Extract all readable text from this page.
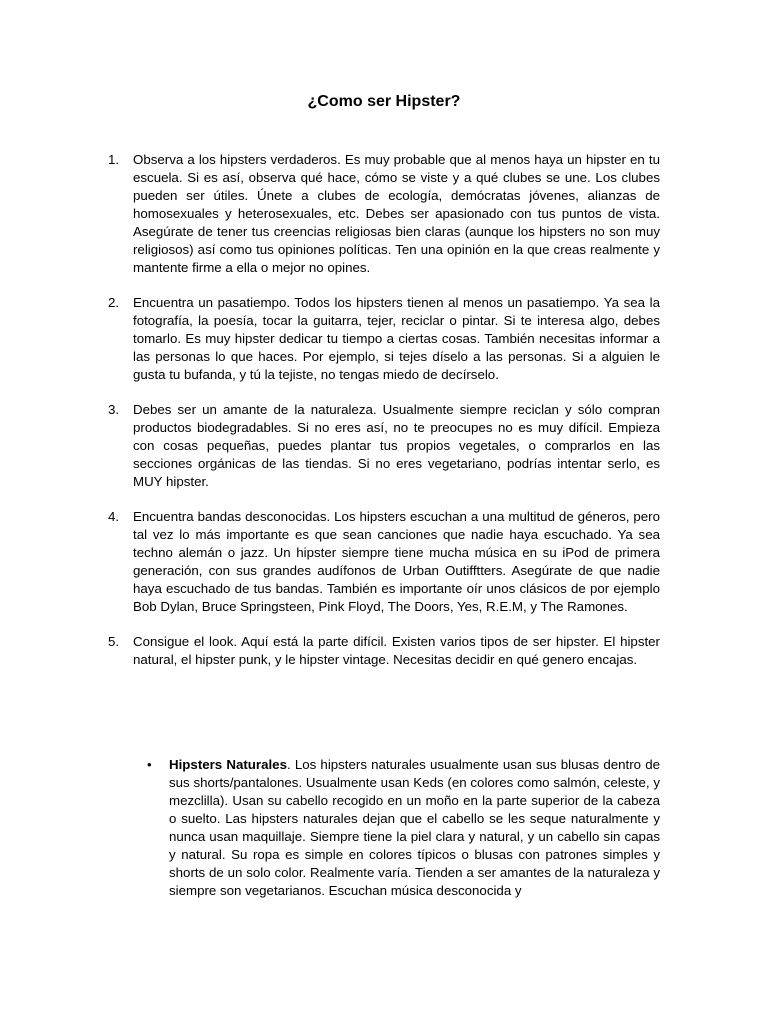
¿Como ser Hipster?
1. Observa a los hipsters verdaderos. Es muy probable que al menos haya un hipster en tu escuela. Si es así, observa qué hace, cómo se viste y a qué clubes se une. Los clubes pueden ser útiles. Únete a clubes de ecología, demócratas jóvenes, alianzas de homosexuales y heterosexuales, etc. Debes ser apasionado con tus puntos de vista. Asegúrate de tener tus creencias religiosas bien claras (aunque los hipsters no son muy religiosos) así como tus opiniones políticas. Ten una opinión en la que creas realmente y mantente firme a ella o mejor no opines.
2. Encuentra un pasatiempo. Todos los hipsters tienen al menos un pasatiempo. Ya sea la fotografía, la poesía, tocar la guitarra, tejer, reciclar o pintar. Si te interesa algo, debes tomarlo. Es muy hipster dedicar tu tiempo a ciertas cosas. También necesitas informar a las personas lo que haces. Por ejemplo, si tejes díselo a las personas. Si a alguien le gusta tu bufanda, y tú la tejiste, no tengas miedo de decírselo.
3. Debes ser un amante de la naturaleza. Usualmente siempre reciclan y sólo compran productos biodegradables. Si no eres así, no te preocupes no es muy difícil. Empieza con cosas pequeñas, puedes plantar tus propios vegetales, o comprarlos en las secciones orgánicas de las tiendas. Si no eres vegetariano, podrías intentar serlo, es MUY hipster.
4. Encuentra bandas desconocidas. Los hipsters escuchan a una multitud de géneros, pero tal vez lo más importante es que sean canciones que nadie haya escuchado. Ya sea techno alemán o jazz. Un hipster siempre tiene mucha música en su iPod de primera generación, con sus grandes audífonos de Urban Outifftters. Asegúrate de que nadie haya escuchado de tus bandas. También es importante oír unos clásicos de por ejemplo Bob Dylan, Bruce Springsteen, Pink Floyd, The Doors, Yes, R.E.M, y The Ramones.
5. Consigue el look. Aquí está la parte difícil. Existen varios tipos de ser hipster. El hipster natural, el hipster punk, y le hipster vintage. Necesitas decidir en qué genero encajas.
• Hipsters Naturales. Los hipsters naturales usualmente usan sus blusas dentro de sus shorts/pantalones. Usualmente usan Keds (en colores como salmón, celeste, y mezclilla). Usan su cabello recogido en un moño en la parte superior de la cabeza o suelto. Las hipsters naturales dejan que el cabello se les seque naturalmente y nunca usan maquillaje. Siempre tiene la piel clara y natural, y un cabello sin capas y natural. Su ropa es simple en colores típicos o blusas con patrones simples y shorts de un solo color. Realmente varía. Tienden a ser amantes de la naturaleza y siempre son vegetarianos. Escuchan música desconocida y
